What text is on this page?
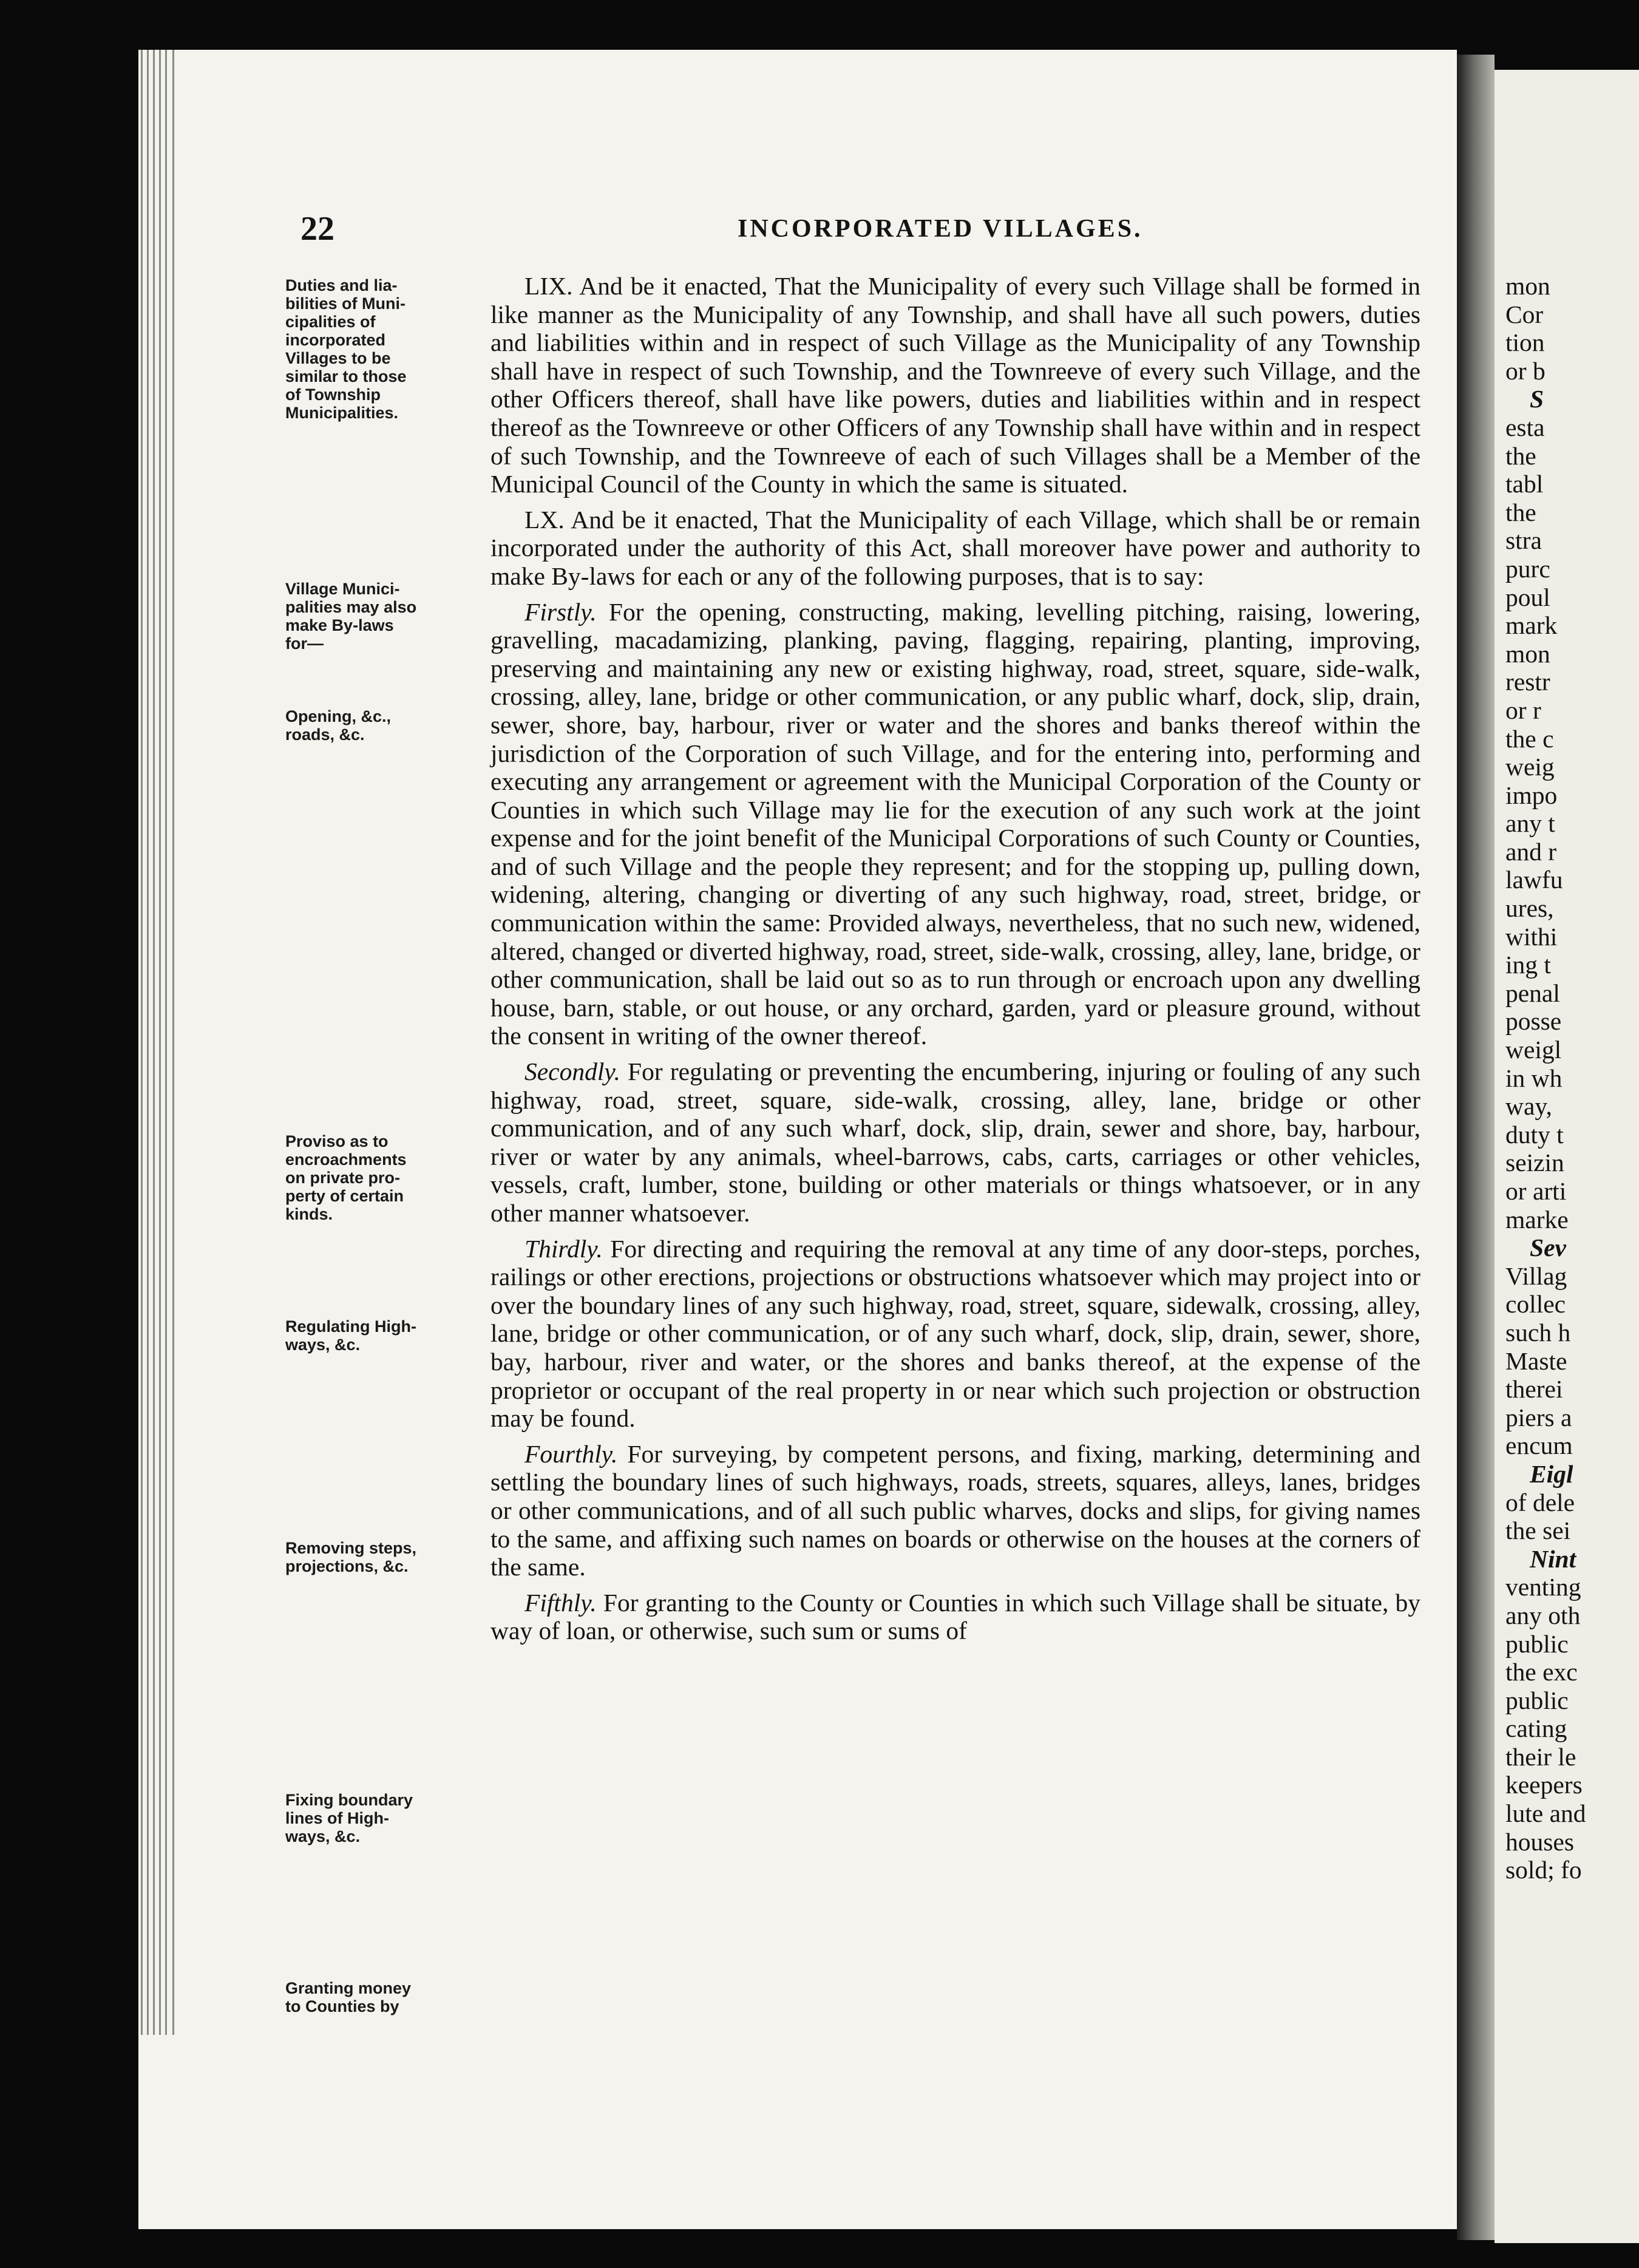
22	INCORPORATED VILLAGES.
Duties and lia-
bilities of Muni-
cipalities of
incorporated
Villages to be
similar to those
of Township
Municipalities.
Village Munici-
palities may also
make By-laws
for—
Opening, &c.,
roads, &c.
Proviso as to
encroachments
on private pro-
perty of certain
kinds.
Regulating High-
ways, &c.
Removing steps,
projections, &c.
Fixing boundary
lines of High-
ways, &c.
Granting money
to Counties by

LIX. And be it enacted, That the Municipality of every such Village shall be formed in like manner as the Municipality of any Township, and shall have all such powers, duties and liabilities within and in respect of such Village as the Municipality of any Township shall have in respect of such Township, and the Townreeve of every such Village, and the other Officers thereof, shall have like powers, duties and liabilities within and in respect thereof as the Townreeve or other Officers of any Township shall have within and in respect of such Township, and the Townreeve of each of such Villages shall be a Member of the Municipal Council of the County in which the same is situated.

LX. And be it enacted, That the Municipality of each Village, which shall be or remain incorporated under the authority of this Act, shall moreover have power and authority to make By-laws for each or any of the following purposes, that is to say:

Firstly. For the opening, constructing, making, levelling pitching, raising, lowering, gravelling, macadamizing, planking, paving, flagging, repairing, planting, improving, preserving and maintaining any new or existing highway, road, street, square, side-walk, crossing, alley, lane, bridge or other communication, or any public wharf, dock, slip, drain, sewer, shore, bay, harbour, river or water and the shores and banks thereof within the jurisdiction of the Corporation of such Village, and for the entering into, performing and executing any arrangement or agreement with the Municipal Corporation of the County or Counties in which such Village may lie for the execution of any such work at the joint expense and for the joint benefit of the Municipal Corporations of such County or Counties, and of such Village and the people they represent; and for the stopping up, pulling down, widening, altering, changing or diverting of any such highway, road, street, bridge, or communication within the same: Provided always, nevertheless, that no such new, widened, altered, changed or diverted highway, road, street, side-walk, crossing, alley, lane, bridge, or other communication, shall be laid out so as to run through or encroach upon any dwelling house, barn, stable, or out house, or any orchard, garden, yard or pleasure ground, without the consent in writing of the owner thereof.

Secondly. For regulating or preventing the encumbering, injuring or fouling of any such highway, road, street, square, side-walk, crossing, alley, lane, bridge or other communication, and of any such wharf, dock, slip, drain, sewer and shore, bay, harbour, river or water by any animals, wheel-barrows, cabs, carts, carriages or other vehicles, vessels, craft, lumber, stone, building or other materials or things whatsoever, or in any other manner whatsoever.

Thirdly. For directing and requiring the removal at any time of any door-steps, porches, railings or other erections, projections or obstructions whatsoever which may project into or over the boundary lines of any such highway, road, street, square, sidewalk, crossing, alley, lane, bridge or other communication, or of any such wharf, dock, slip, drain, sewer, shore, bay, harbour, river and water, or the shores and banks thereof, at the expense of the proprietor or occupant of the real property in or near which such projection or obstruction may be found.

Fourthly. For surveying, by competent persons, and fixing, marking, determining and settling the boundary lines of such highways, roads, streets, squares, alleys, lanes, bridges or other communications, and of all such public wharves, docks and slips, for giving names to the same, and affixing such names on boards or otherwise on the houses at the corners of the same.

Fifthly. For granting to the County or Counties in which such Village shall be situate, by way of loan, or otherwise, such sum or sums of

mon
Cor
tion
or b
S
esta
the
tabl
the
stra
purc
poul
mark
mon
restr
or r
the c
weig
impo
any t
and r
lawfu
ures,
withi
ing t
penal
posse
weigl
in wh
way,
duty t
seizin
or arti
marke
Sev
Villag
collec
such h
Maste
therei
piers a
encum
Eigl
of dele
the sei
Nint
venting
any oth
public
the exc
public
cating
their le
keepers
lute and
houses
sold; fo
